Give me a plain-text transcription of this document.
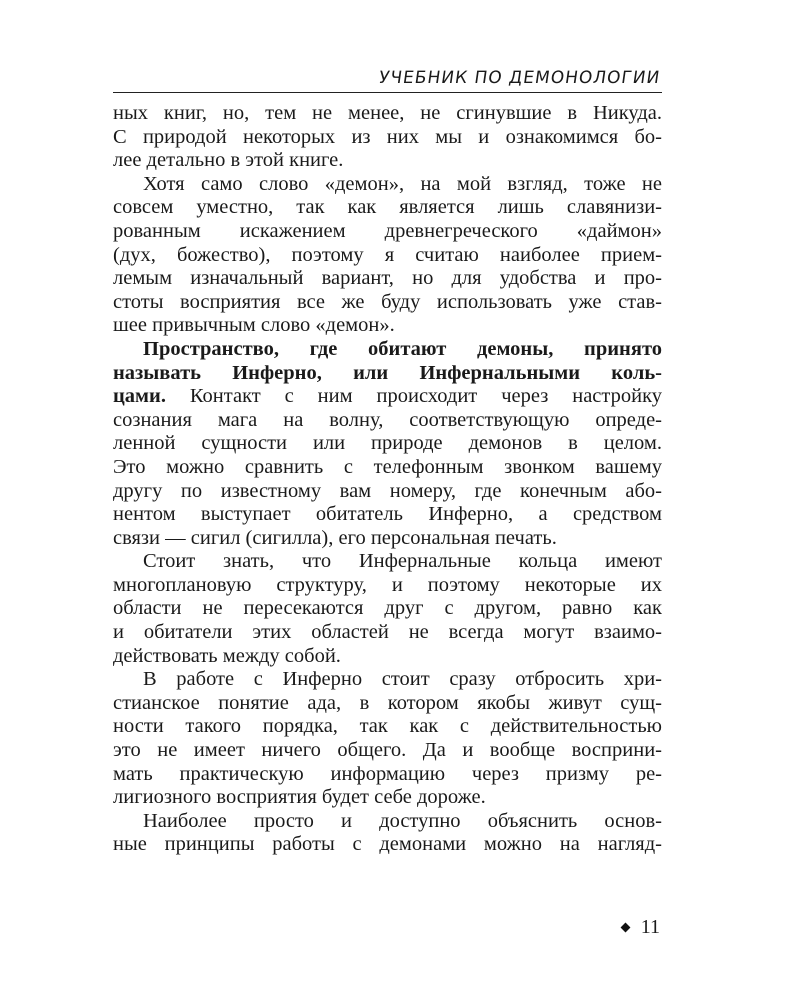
УЧЕБНИК ПО ДЕМОНОЛОГИИ
ных книг, но, тем не менее, не сгинувшие в Никуда.
С природой некоторых из них мы и ознакомимся бо-
лее детально в этой книге.
Хотя само слово «демон», на мой взгляд, тоже не
совсем уместно, так как является лишь славянизи-
рованным искажением древнегреческого «даймон»
(дух, божество), поэтому я считаю наиболее прием-
лемым изначальный вариант, но для удобства и про-
стоты восприятия все же буду использовать уже став-
шее привычным слово «демон».
Пространство, где обитают демоны, принято
называть Инферно, или Инфернальными коль-
цами. Контакт с ним происходит через настройку
сознания мага на волну, соответствующую опреде-
ленной сущности или природе демонов в целом.
Это можно сравнить с телефонным звонком вашему
другу по известному вам номеру, где конечным або-
нентом выступает обитатель Инферно, а средством
связи — сигил (сигилла), его персональная печать.
Стоит знать, что Инфернальные кольца имеют
многоплановую структуру, и поэтому некоторые их
области не пересекаются друг с другом, равно как
и обитатели этих областей не всегда могут взаимо-
действовать между собой.
В работе с Инферно стоит сразу отбросить хри-
стианское понятие ада, в котором якобы живут сущ-
ности такого порядка, так как с действительностью
это не имеет ничего общего. Да и вообще восприни-
мать практическую информацию через призму ре-
лигиозного восприятия будет себе дороже.
Наиболее просто и доступно объяснить основ-
ные принципы работы с демонами можно на нагляд-
11
